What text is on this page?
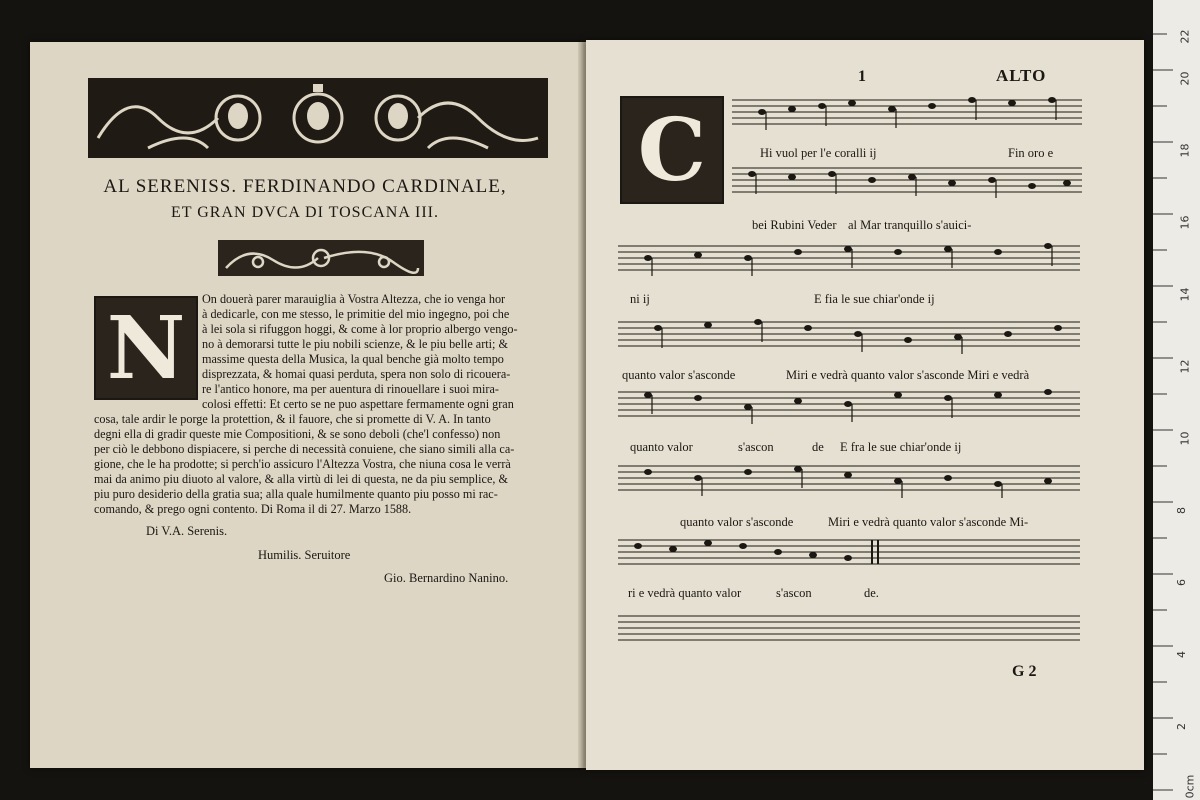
AL SERENISS. FERDINANDO CARDINALE,
ET GRAN DVCA DI TOSCANA III.
N	On douerà parer marauiglia à Vostra Altezza, che io venga hor
à dedicarle, con me stesso, le primitie del mio ingegno, poi che
à lei sola si rifuggon hoggi, & come à lor proprio albergo vengo-
no à demorarsi tutte le piu nobili scienze, & le piu belle arti; &
massime questa della Musica, la qual benche già molto tempo
disprezzata, & homai quasi perduta, spera non solo di ricouera-
re l'antico honore, ma per auentura di rinouellare i suoi mira-
colosi effetti: Et certo se ne puo aspettare fermamente ogni gran
cosa, tale ardir le porge la protettion, & il fauore, che si promette di V. A. In tanto
degni ella di gradir queste mie Compositioni, & se sono deboli (che'l confesso) non
per ciò le debbono dispiacere, si perche di necessità conuiene, che siano simili alla ca-
gione, che le ha prodotte; si perch'io assicuro l'Altezza Vostra, che niuna cosa le verrà
mai da animo piu diuoto al valore, & alla virtù di lei di questa, ne da piu semplice, &
piu puro desiderio della gratia sua; alla quale humilmente quanto piu posso mi rac-
comando, & prego ogni contento. Di Roma il di 27. Marzo 1588.
Di V.A. Serenis.
Humilis. Seruitore
Gio. Bernardino Nanino.
1	ALTO
C	Hi vuol per l'e coralli ij	Fin oro e
bei Rubini Veder al Mar tranquillo s'auici-
ni ij	E fia le sue chiar'onde ij
quanto valor s'asconde	Miri e vedrà quanto valor s'asconde Miri e vedrà
quanto valor	s'ascon	de E fra le sue chiar'onde ij
quanto valor s'asconde	Miri e vedrà quanto valor s'asconde Mi-
ri e vedrà quanto valor	s'ascon	de.
G 2
0cm
2
4
6
8
10
12
14
16
18
20
22
